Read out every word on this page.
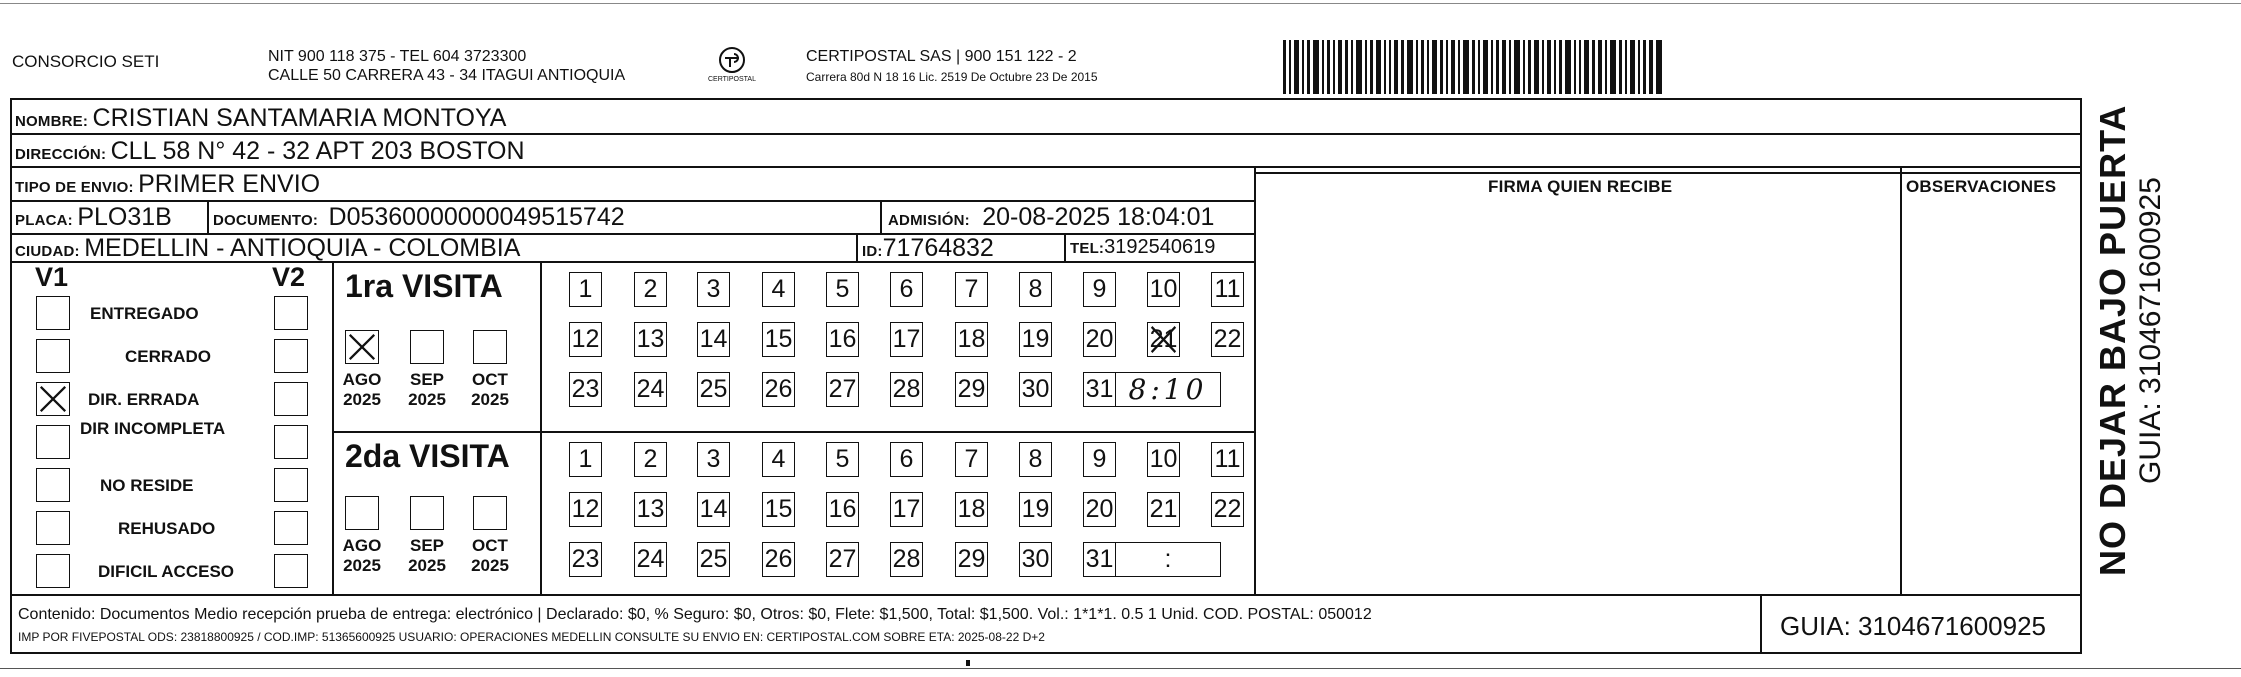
CONSORCIO SETI	NIT 900 118 375 - TEL 604 3723300
CALLE 50 CARRERA 43 - 34 ITAGUI ANTIOQUIA	CERTIPOSTAL
CERTIPOSTAL SAS | 900 151 122 - 2
Carrera 80d N 18 16 Lic. 2519 De Octubre 23 De 2015
NOMBRE: CRISTIAN SANTAMARIA MONTOYA
DIRECCIÓN: CLL 58 N° 42 - 32 APT 203 BOSTON
TIPO DE ENVIO: PRIMER ENVIO
PLACA: PLO31B	DOCUMENTO: D05360000000049515742	ADMISIÓN: 20-08-2025 18:04:01
CIUDAD: MEDELLIN - ANTIOQUIA - COLOMBIA	ID:71764832	TEL:3192540619
FIRMA QUIEN RECIBE	OBSERVACIONES
V1	V2
ENTREGADO
CERRADO
DIR. ERRADA
DIR INCOMPLETA
NO RESIDE
REHUSADO
DIFICIL ACCESO
1ra VISITA
2da VISITA
AGO
2025
SEP
2025
OCT
2025
AGO
2025
SEP
2025
OCT
2025
1 2 3 4 5 6 7 8 9 10 11
12 13 14 15 16 17 18 19 20 21 22
23 24 25 26 27 28 29 30 31 8:10
1 2 3 4 5 6 7 8 9 10 11
12 13 14 15 16 17 18 19 20 21 22
23 24 25 26 27 28 29 30 31	:
Contenido: Documentos Medio recepción prueba de entrega: electrónico | Declarado: $0, % Seguro: $0, Otros: $0, Flete: $1,500, Total: $1,500. Vol.: 1*1*1. 0.5 1 Unid. COD. POSTAL: 050012
IMP POR FIVEPOSTAL ODS: 23818800925 / COD.IMP: 51365600925 USUARIO: OPERACIONES MEDELLIN CONSULTE SU ENVIO EN: CERTIPOSTAL.COM SOBRE ETA: 2025-08-22 D+2	GUIA: 3104671600925
NO DEJAR BAJO PUERTA GUIA: 3104671600925
